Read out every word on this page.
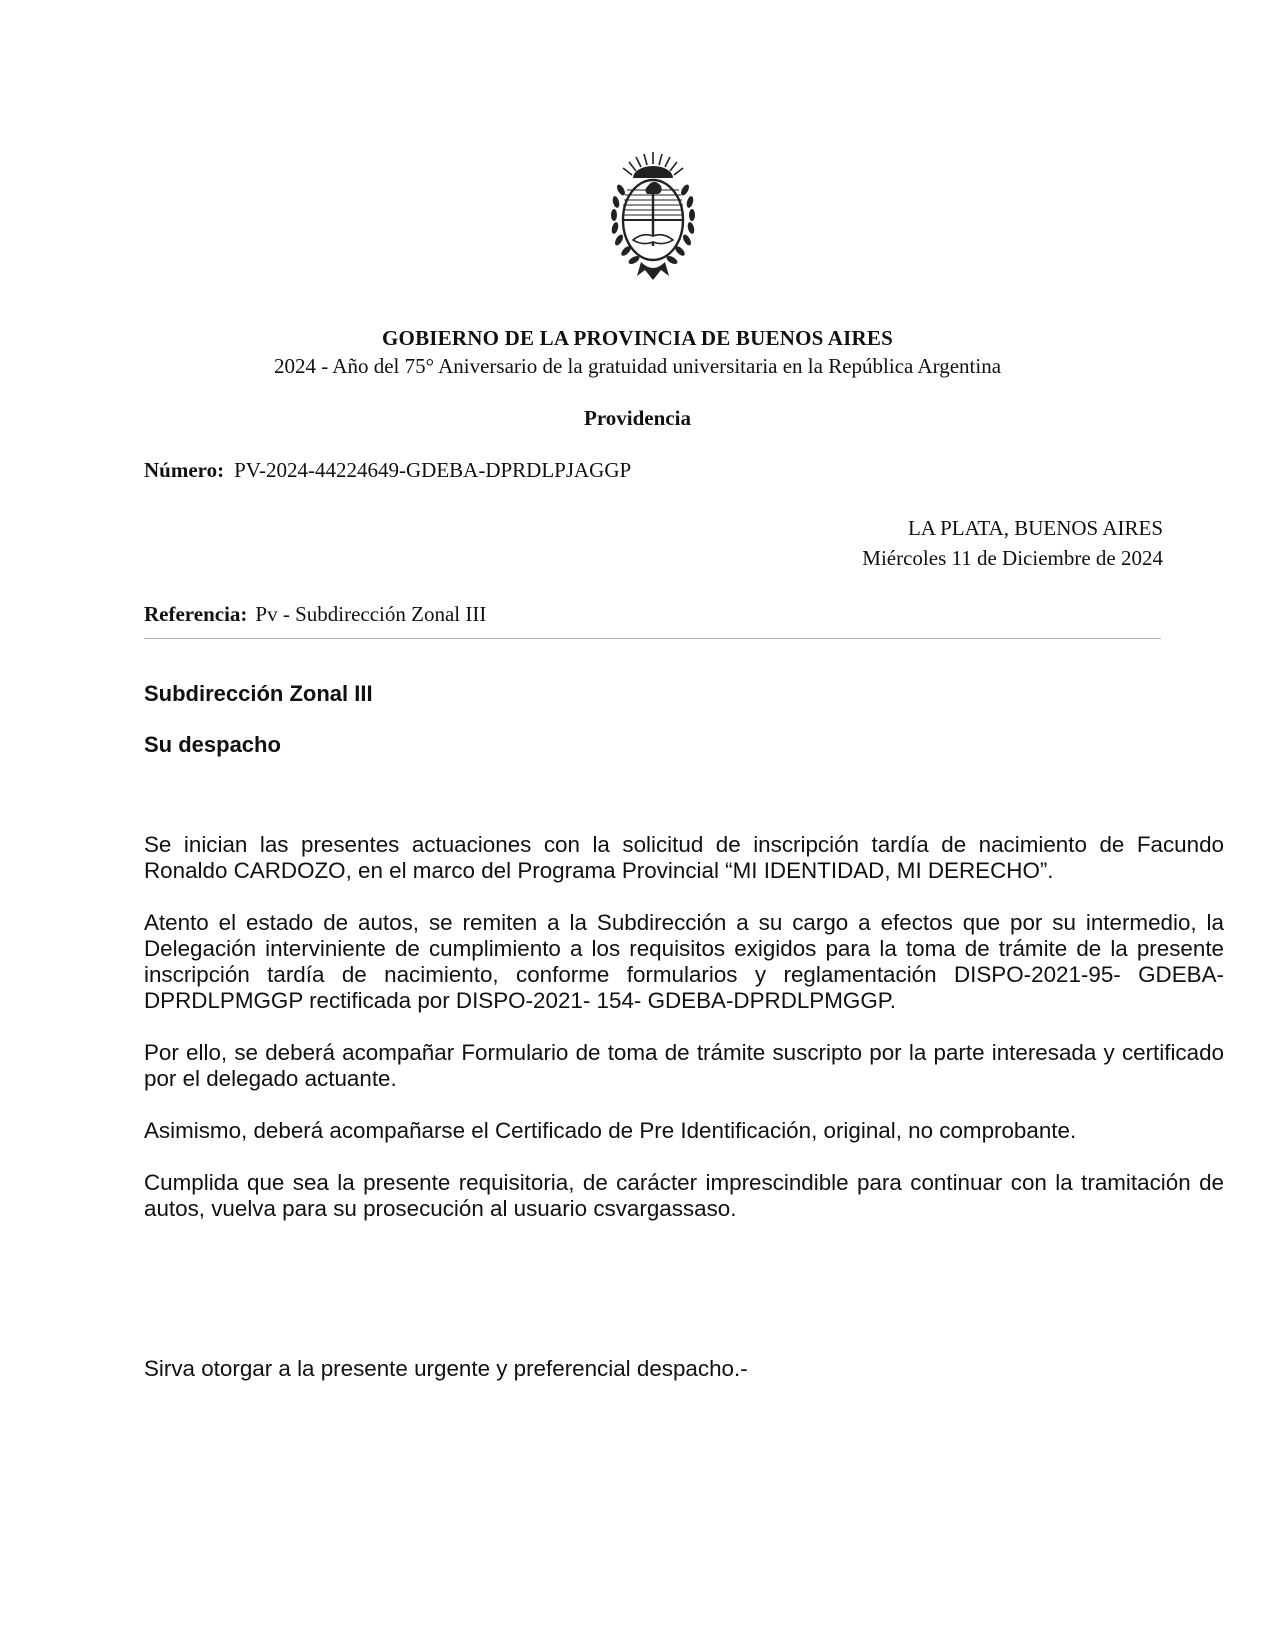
GOBIERNO DE LA PROVINCIA DE BUENOS AIRES
2024 - Año del 75° Aniversario de la gratuidad universitaria en la República Argentina
Providencia
Número: PV-2024-44224649-GDEBA-DPRDLPJAGGP
LA PLATA, BUENOS AIRES
Miércoles 11 de Diciembre de 2024
Referencia: Pv - Subdirección Zonal III
Subdirección Zonal III
Su despacho

Se inician las presentes actuaciones con la solicitud de inscripción tardía de nacimiento de Facundo Ronaldo CARDOZO, en el marco del Programa Provincial “MI IDENTIDAD, MI DERECHO”.

Atento el estado de autos, se remiten a la Subdirección a su cargo a efectos que por su intermedio, la Delegación interviniente de cumplimiento a los requisitos exigidos para la toma de trámite de la presente inscripción tardía de nacimiento, conforme formularios y reglamentación DISPO-2021-95- GDEBA-DPRDLPMGGP rectificada por DISPO-2021- 154- GDEBA-DPRDLPMGGP.

Por ello, se deberá acompañar Formulario de toma de trámite suscripto por la parte interesada y certificado por el delegado actuante.

Asimismo, deberá acompañarse el Certificado de Pre Identificación, original, no comprobante.

Cumplida que sea la presente requisitoria, de carácter imprescindible para continuar con la tramitación de autos, vuelva para su prosecución al usuario csvargassaso.

Sirva otorgar a la presente urgente y preferencial despacho.-
